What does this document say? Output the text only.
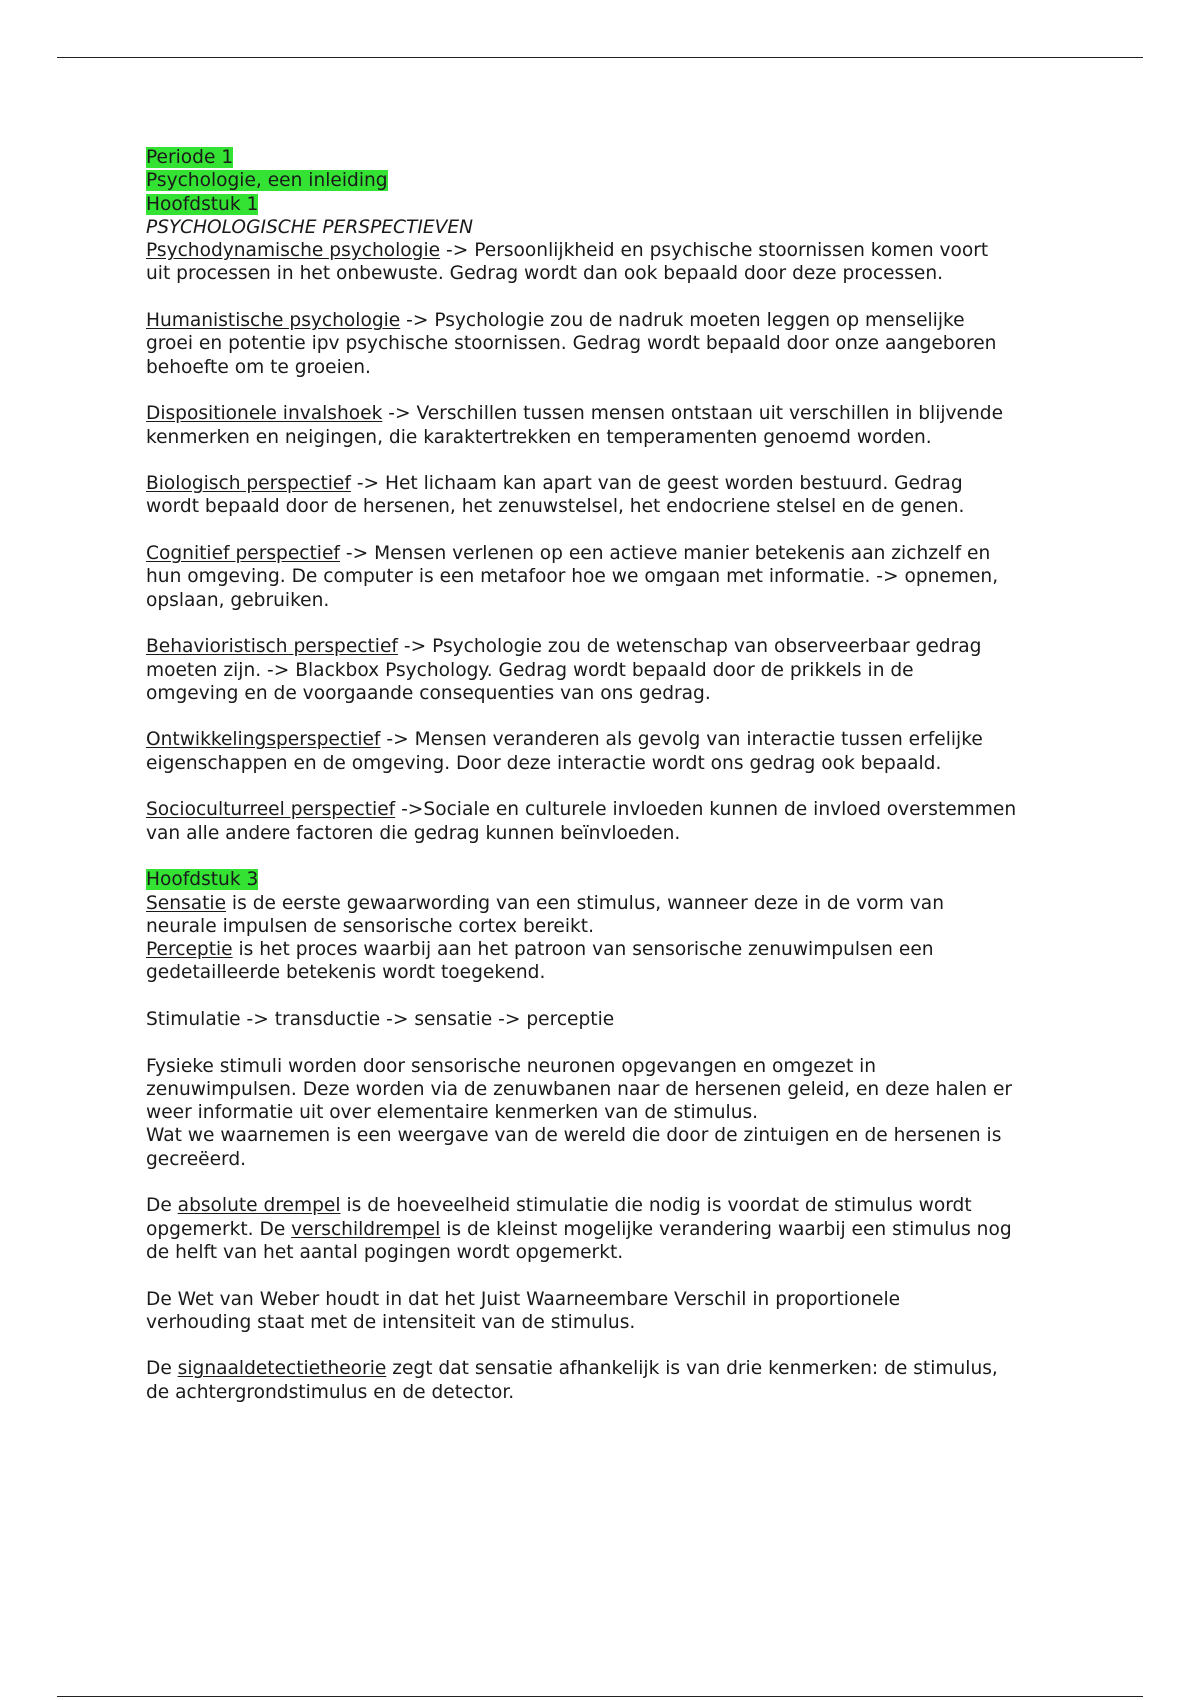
Periode 1
Psychologie, een inleiding
Hoofdstuk 1
PSYCHOLOGISCHE PERSPECTIEVEN
Psychodynamische psychologie -> Persoonlijkheid en psychische stoornissen komen voort
uit processen in het onbewuste. Gedrag wordt dan ook bepaald door deze processen.
Humanistische psychologie -> Psychologie zou de nadruk moeten leggen op menselijke
groei en potentie ipv psychische stoornissen. Gedrag wordt bepaald door onze aangeboren
behoefte om te groeien.
Dispositionele invalshoek -> Verschillen tussen mensen ontstaan uit verschillen in blijvende
kenmerken en neigingen, die karaktertrekken en temperamenten genoemd worden.
Biologisch perspectief -> Het lichaam kan apart van de geest worden bestuurd. Gedrag
wordt bepaald door de hersenen, het zenuwstelsel, het endocriene stelsel en de genen.
Cognitief perspectief -> Mensen verlenen op een actieve manier betekenis aan zichzelf en
hun omgeving. De computer is een metafoor hoe we omgaan met informatie. -> opnemen,
opslaan, gebruiken.
Behavioristisch perspectief -> Psychologie zou de wetenschap van observeerbaar gedrag
moeten zijn. -> Blackbox Psychology. Gedrag wordt bepaald door de prikkels in de
omgeving en de voorgaande consequenties van ons gedrag.
Ontwikkelingsperspectief -> Mensen veranderen als gevolg van interactie tussen erfelijke
eigenschappen en de omgeving. Door deze interactie wordt ons gedrag ook bepaald.
Socioculturreel perspectief ->Sociale en culturele invloeden kunnen de invloed overstemmen
van alle andere factoren die gedrag kunnen beïnvloeden.
Hoofdstuk 3
Sensatie is de eerste gewaarwording van een stimulus, wanneer deze in de vorm van
neurale impulsen de sensorische cortex bereikt.
Perceptie is het proces waarbij aan het patroon van sensorische zenuwimpulsen een
gedetailleerde betekenis wordt toegekend.
Stimulatie -> transductie -> sensatie -> perceptie
Fysieke stimuli worden door sensorische neuronen opgevangen en omgezet in
zenuwimpulsen. Deze worden via de zenuwbanen naar de hersenen geleid, en deze halen er
weer informatie uit over elementaire kenmerken van de stimulus.
Wat we waarnemen is een weergave van de wereld die door de zintuigen en de hersenen is
gecreëerd.
De absolute drempel is de hoeveelheid stimulatie die nodig is voordat de stimulus wordt
opgemerkt. De verschildrempel is de kleinst mogelijke verandering waarbij een stimulus nog
de helft van het aantal pogingen wordt opgemerkt.
De Wet van Weber houdt in dat het Juist Waarneembare Verschil in proportionele
verhouding staat met de intensiteit van de stimulus.
De signaaldetectietheorie zegt dat sensatie afhankelijk is van drie kenmerken: de stimulus,
de achtergrondstimulus en de detector.
